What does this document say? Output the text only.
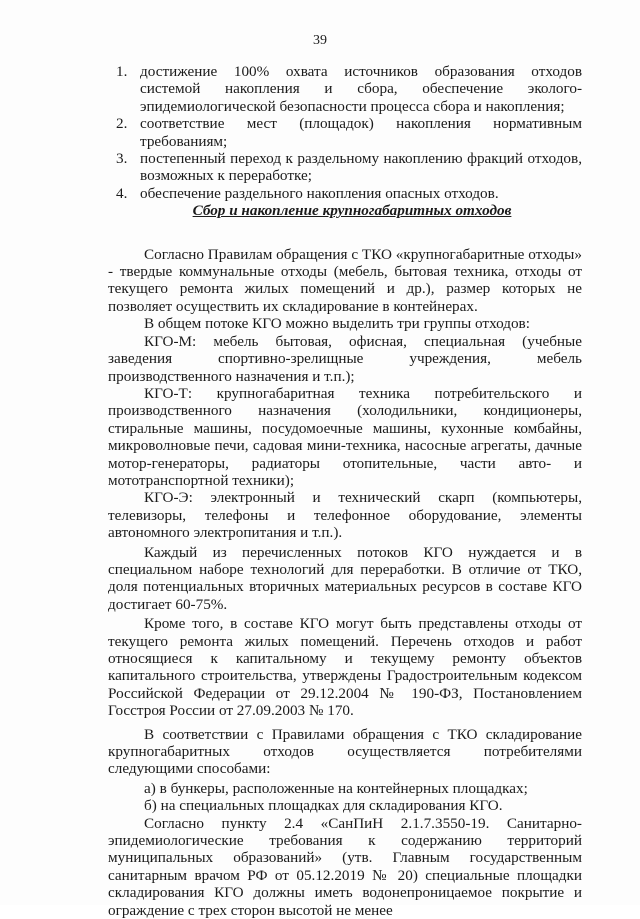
39
1. достижение 100% охвата источников образования отходов системой накопления и сбора, обеспечение эколого-эпидемиологической безопасности процесса сбора и накопления;
2. соответствие мест (площадок) накопления нормативным требованиям;
3. постепенный переход к раздельному накоплению фракций отходов, возможных к переработке;
4. обеспечение раздельного накопления опасных отходов.

Сбор и накопление крупногабаритных отходов

Согласно Правилам обращения с ТКО «крупногабаритные отходы» - твердые коммунальные отходы (мебель, бытовая техника, отходы от текущего ремонта жилых помещений и др.), размер которых не позволяет осуществить их складирование в контейнерах.

В общем потоке КГО можно выделить три группы отходов:

КГО-М: мебель бытовая, офисная, специальная (учебные заведения спортивно-зрелищные учреждения, мебель производственного назначения и т.п.);

КГО-Т: крупногабаритная техника потребительского и производственного назначения (холодильники, кондиционеры, стиральные машины, посудомоечные машины, кухонные комбайны, микроволновые печи, садовая мини-техника, насосные агрегаты, дачные мотор-генераторы, радиаторы отопительные, части авто- и мототранспортной техники);

КГО-Э: электронный и технический скарп (компьютеры, телевизоры, телефоны и телефонное оборудование, элементы автономного электропитания и т.п.).

Каждый из перечисленных потоков КГО нуждается и в специальном наборе технологий для переработки. В отличие от ТКО, доля потенциальных вторичных материальных ресурсов в составе КГО достигает 60-75%.

Кроме того, в составе КГО могут быть представлены отходы от текущего ремонта жилых помещений. Перечень отходов и работ относящиеся к капитальному и текущему ремонту объектов капитального строительства, утверждены Градостроительным кодексом Российской Федерации от 29.12.2004 № 190-ФЗ, Постановлением Госстроя России от 27.09.2003 № 170.

В соответствии с Правилами обращения с ТКО складирование крупногабаритных отходов осуществляется потребителями следующими способами:

а) в бункеры, расположенные на контейнерных площадках;

б) на специальных площадках для складирования КГО.

Согласно пункту 2.4 «СанПиН 2.1.7.3550-19. Санитарно-эпидемиологические требования к содержанию территорий муниципальных образований» (утв. Главным государственным санитарным врачом РФ от 05.12.2019 № 20) специальные площадки складирования КГО должны иметь водонепроницаемое покрытие и ограждение с трех сторон высотой не менее
